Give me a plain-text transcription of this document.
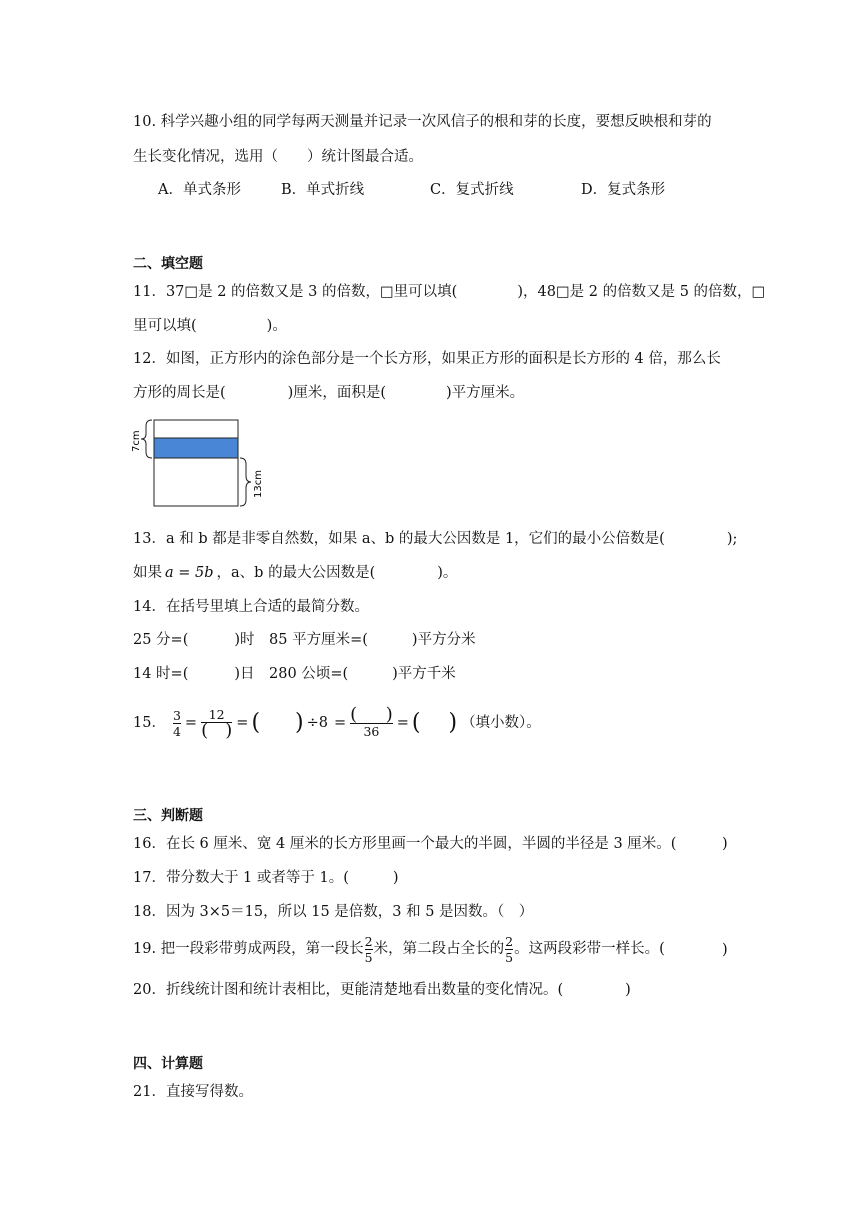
10. 科学兴趣小组的同学每两天测量并记录一次风信子的根和芽的长度，要想反映根和芽的
生长变化情况，选用（　　）统计图最合适。
A．单式条形	B．单式折线	C．复式折线	D．复式条形
二、填空题
11．37□是 2 的倍数又是 3 的倍数，□里可以填(	)，48□是 2 的倍数又是 5 的倍数，□
里可以填(	)。
12．如图，正方形内的涂色部分是一个长方形，如果正方形的面积是长方形的 4 倍，那么长
方形的周长是(	)厘米，面积是(	)平方厘米。
7cm
13cm
13．a 和 b 都是非零自然数，如果 a、b 的最大公因数是 1，它们的最小公倍数是(	);
如果 a = 5b ，a、b 的最大公因数是(	)。
14．在括号里填上合适的最简分数。
25 分=(	)时　85 平方厘米=(	)平方分米
14 时=(	)日　280 公顷=(	)平方千米
15． $\frac{3}{4} = \frac{12}{( )}$ = (     ) $\div 8 = \frac{( )}{36}$ = (    ) （填小数）。
三、判断题
16．在长 6 厘米、宽 4 厘米的长方形里画一个最大的半圆，半圆的半径是 3 厘米。(	)
17．带分数大于 1 或者等于 1。(	)
18．因为 3×5＝15，所以 15 是倍数，3 和 5 是因数。（　）
19. 把一段彩带剪成两段，第一段长 $\frac{2}{5}$ 米，第二段占全长的 $\frac{2}{5}$ 。这两段彩带一样长。(	)
20．折线统计图和统计表相比，更能清楚地看出数量的变化情况。(	)
四、计算题
21．直接写得数。
